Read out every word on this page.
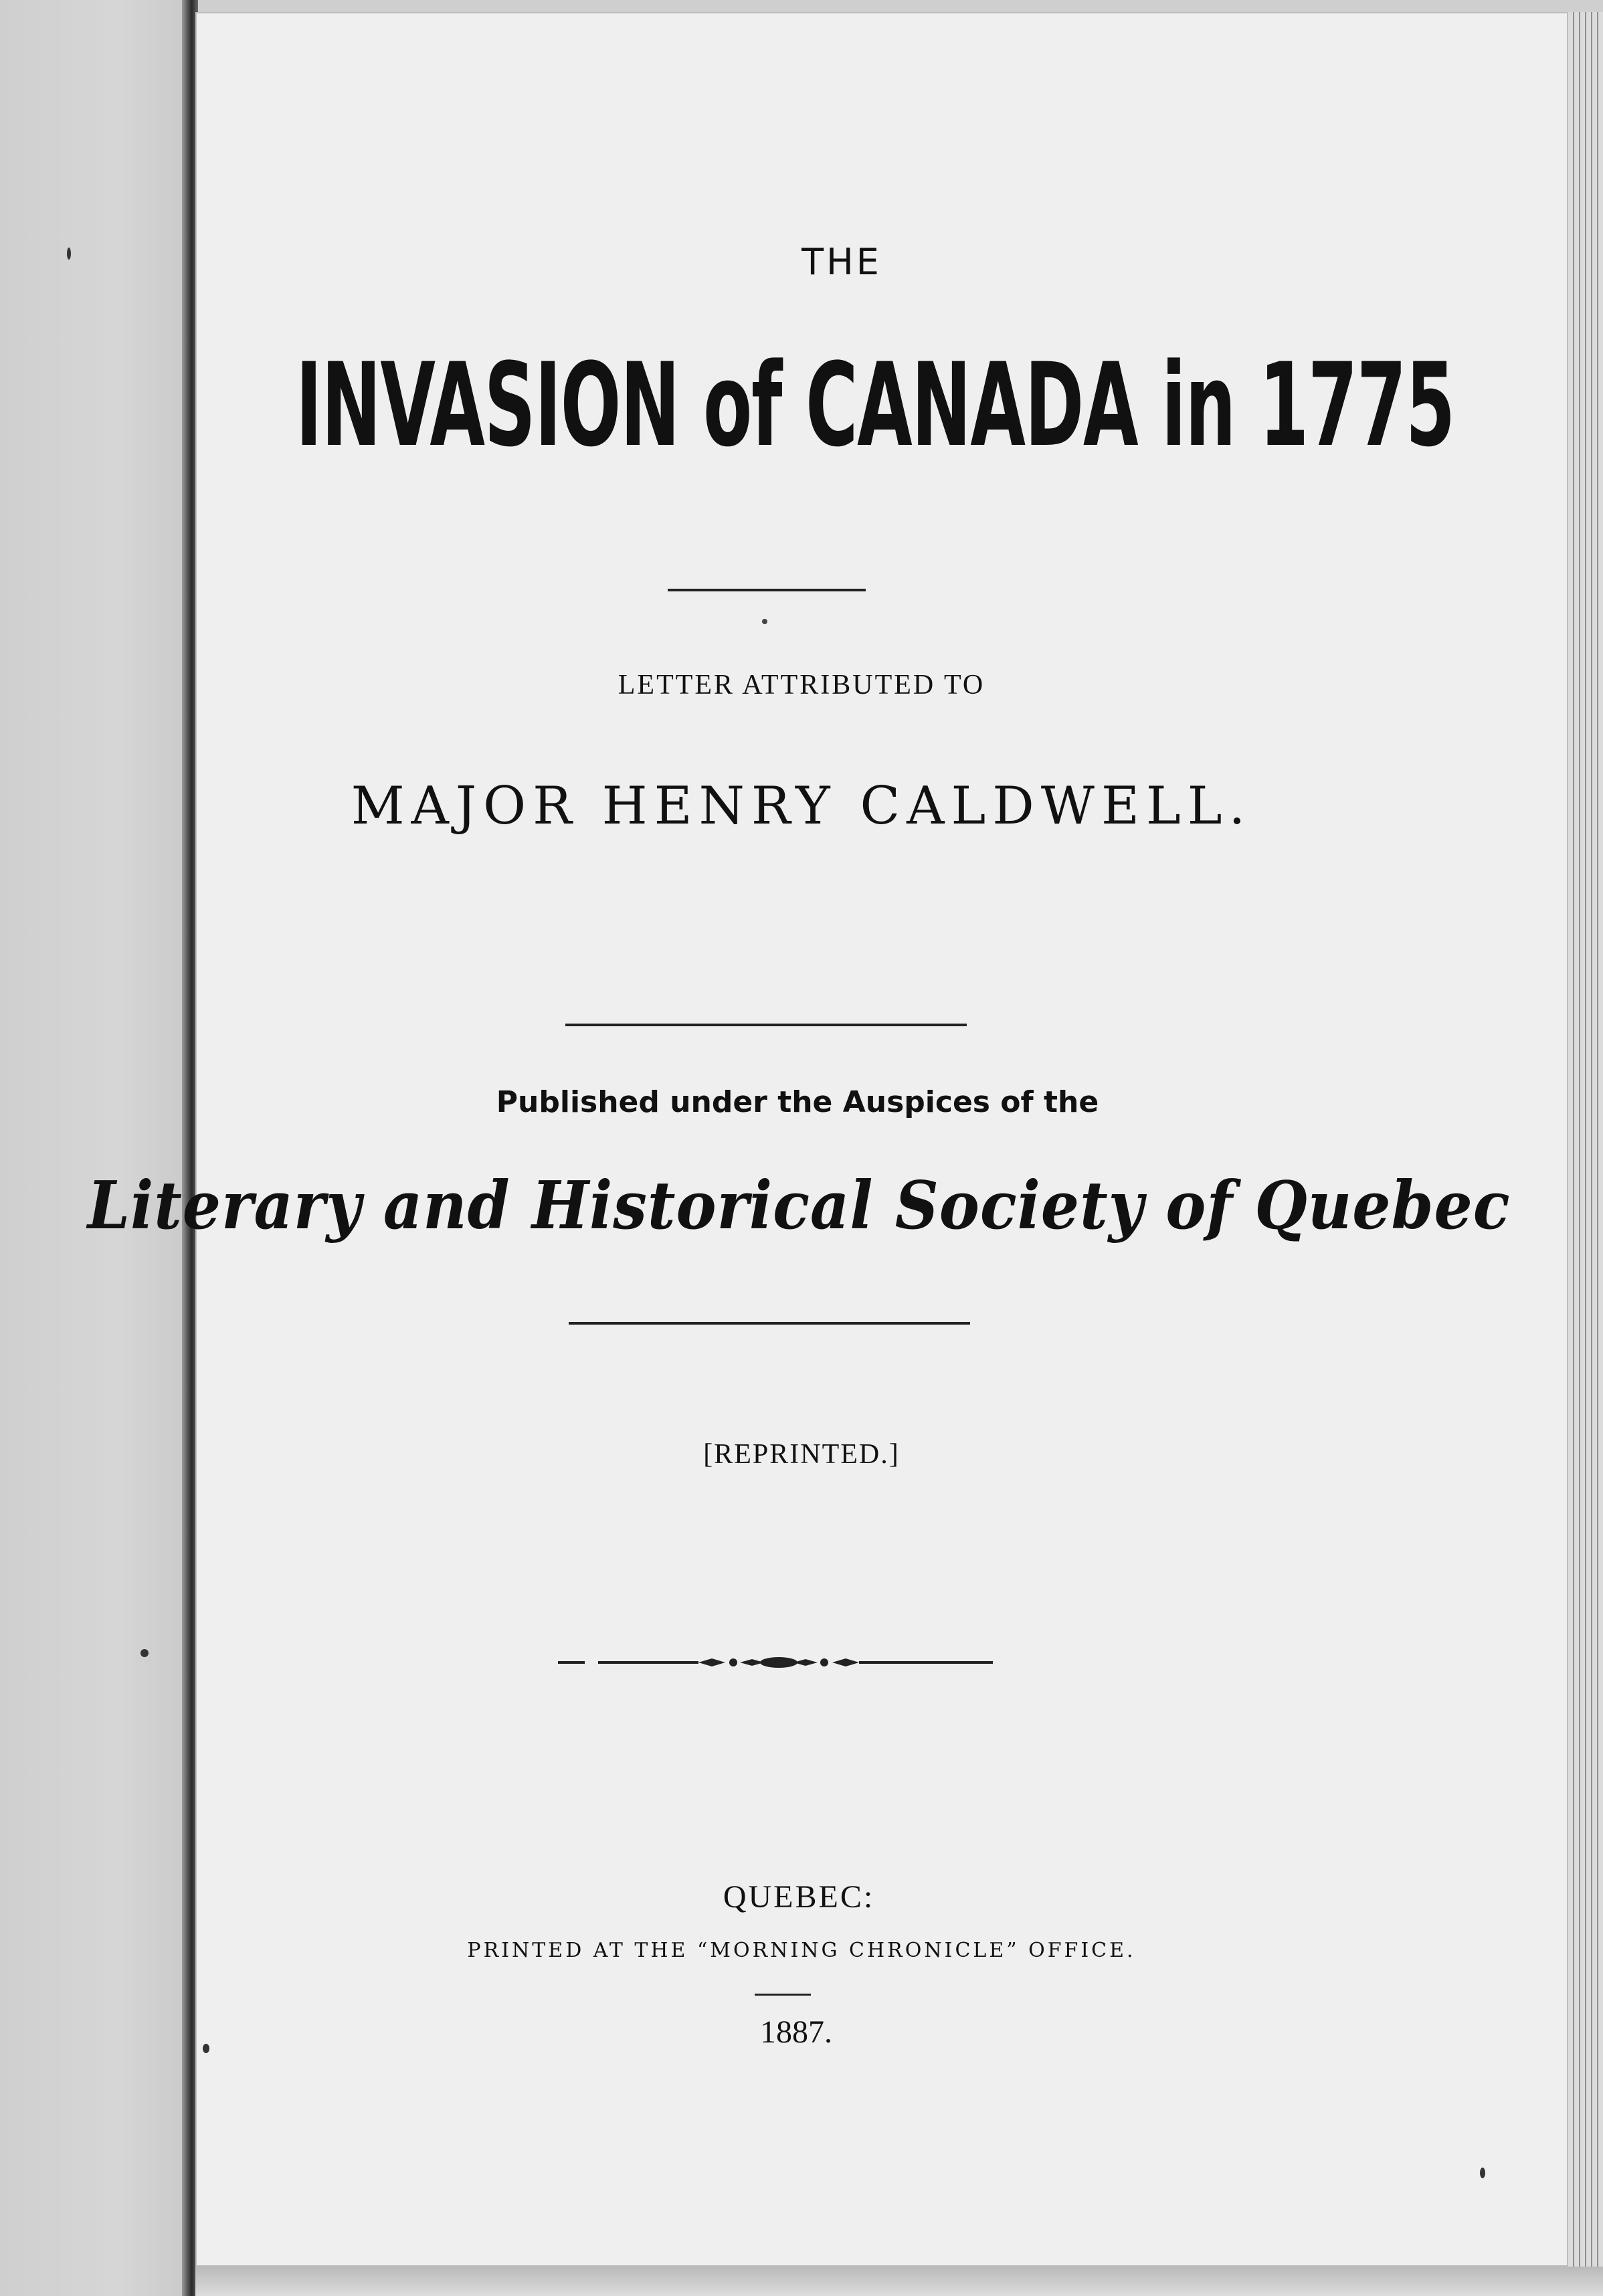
THE
INVASION of CANADA in 1775
LETTER ATTRIBUTED TO
MAJOR HENRY CALDWELL.
Published under the Auspices of the
Literary and Historical Society of Quebec
[REPRINTED.]
QUEBEC:
PRINTED AT THE “MORNING CHRONICLE” OFFICE.
1887.
